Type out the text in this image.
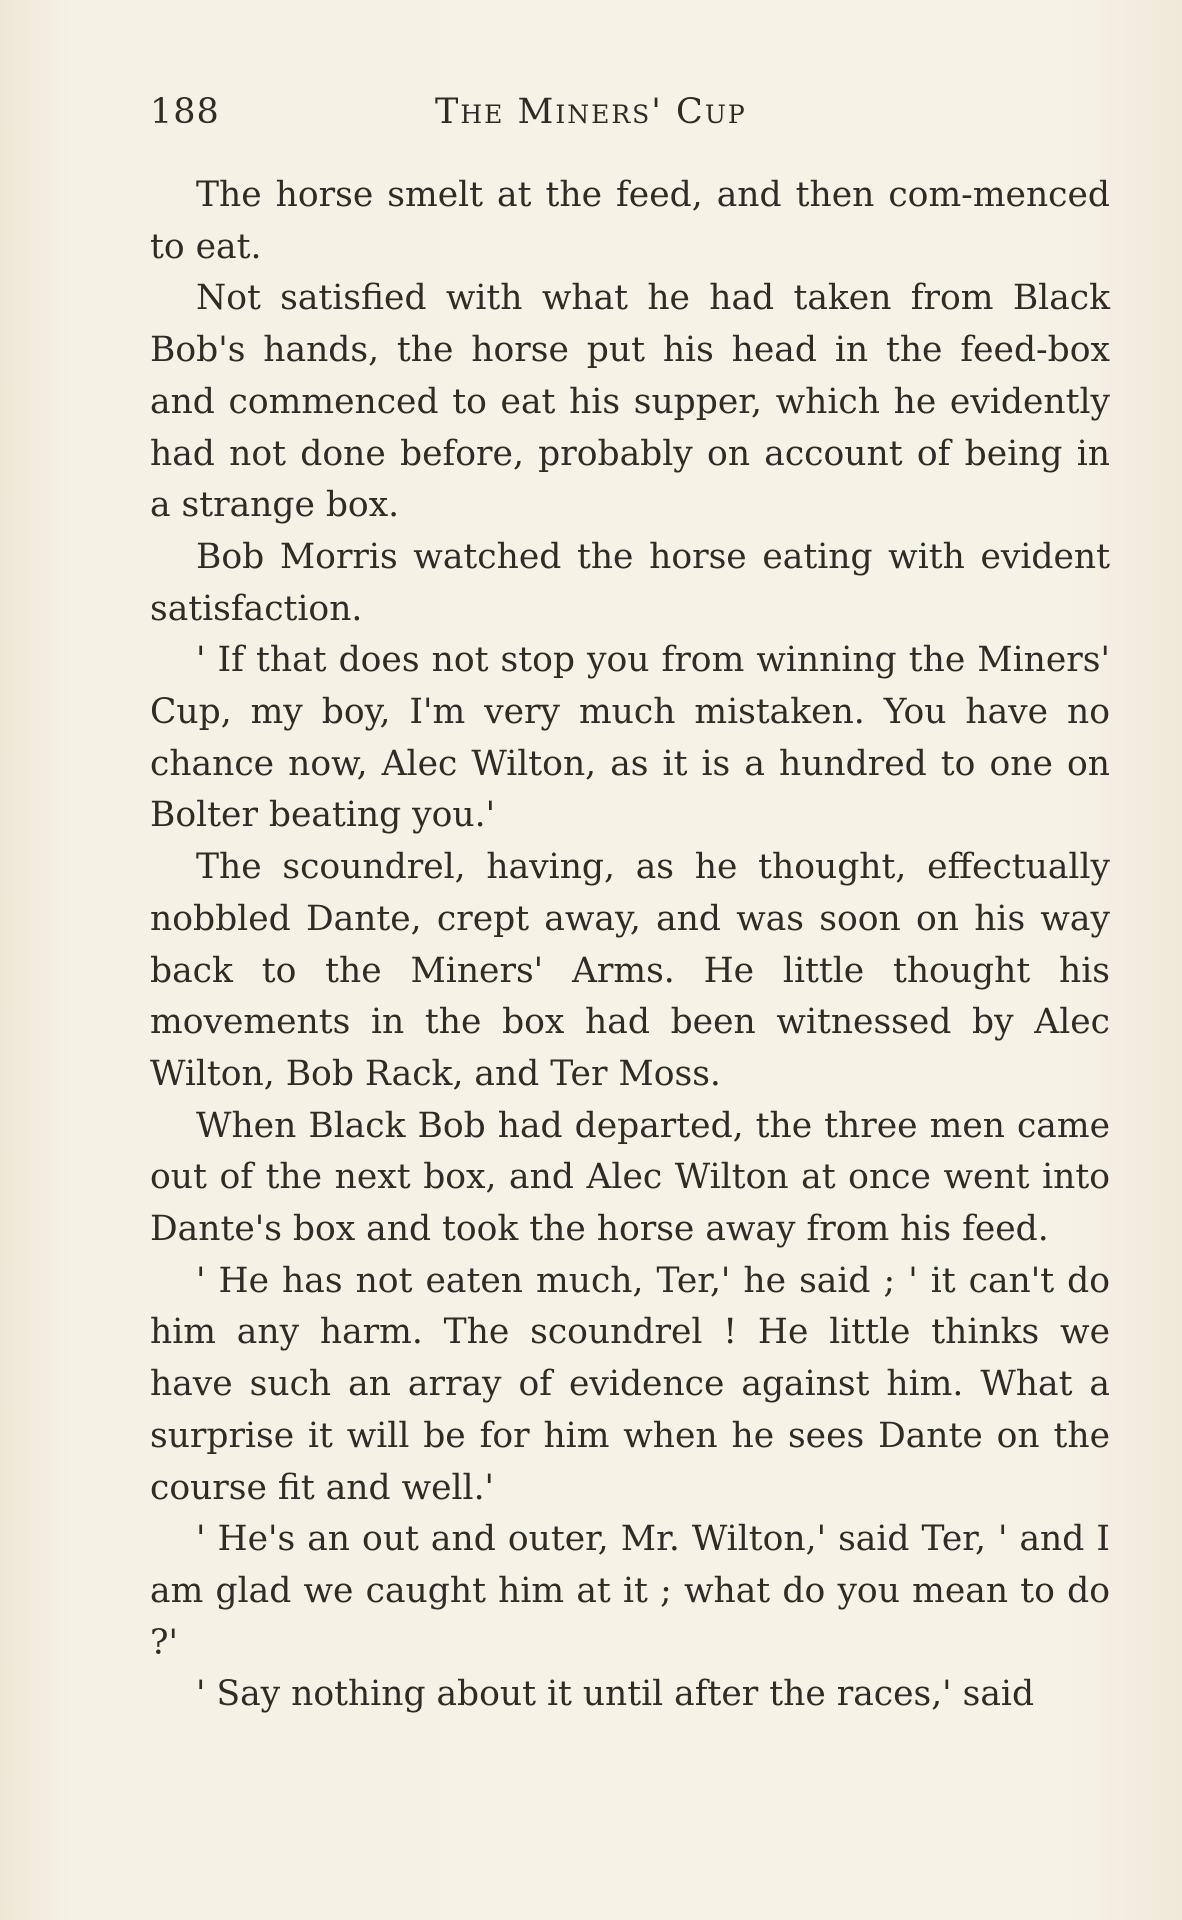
188	The Miners' Cup

The horse smelt at the feed, and then com-menced to eat.

Not satisfied with what he had taken from Black Bob's hands, the horse put his head in the feed-box and commenced to eat his supper, which he evidently had not done before, probably on account of being in a strange box.

Bob Morris watched the horse eating with evident satisfaction.

' If that does not stop you from winning the Miners' Cup, my boy, I'm very much mistaken. You have no chance now, Alec Wilton, as it is a hundred to one on Bolter beating you.'

The scoundrel, having, as he thought, effectually nobbled Dante, crept away, and was soon on his way back to the Miners' Arms. He little thought his movements in the box had been witnessed by Alec Wilton, Bob Rack, and Ter Moss.

When Black Bob had departed, the three men came out of the next box, and Alec Wilton at once went into Dante's box and took the horse away from his feed.

' He has not eaten much, Ter,' he said ; ' it can't do him any harm. The scoundrel ! He little thinks we have such an array of evidence against him. What a surprise it will be for him when he sees Dante on the course fit and well.'

' He's an out and outer, Mr. Wilton,' said Ter, ' and I am glad we caught him at it ; what do you mean to do ?'

' Say nothing about it until after the races,' said
